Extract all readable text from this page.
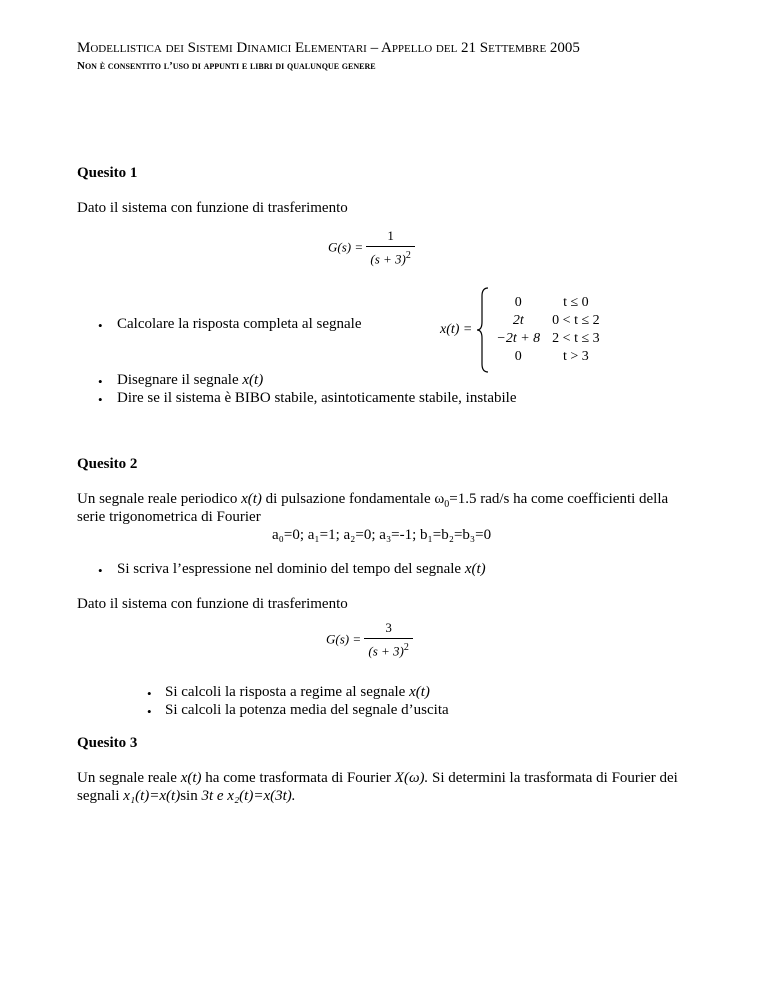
Modellistica dei Sistemi Dinamici Elementari – Appello del 21 Settembre 2005
Non è consentito l’uso di appunti e libri di qualunque genere
Quesito 1
Dato il sistema con funzione di trasferimento
$G(s) = \frac{1}{(s + 3)^2}$
• Calcolare la risposta completa al segnale	x(t) =
0	t ≤ 0
2t	0 < t ≤ 2
−2t + 8	2 < t ≤ 3
0	t > 3
• Disegnare il segnale x(t)
• Dire se il sistema è BIBO stabile, asintoticamente stabile, instabile
Quesito 2
Un segnale reale periodico x(t) di pulsazione fondamentale $\omega_0=1.5$ rad/s ha come coefficienti della
serie trigonometrica di Fourier
a₀=0; a₁=1; a₂=0; a₃=-1; b₁=b₂=b₃=0
• Si scriva l’espressione nel dominio del tempo del segnale x(t)
Dato il sistema con funzione di trasferimento
$G(s) = \frac{3}{(s + 3)^2}$
• Si calcoli la risposta a regime al segnale x(t)
• Si calcoli la potenza media del segnale d’uscita
Quesito 3
Un segnale reale x(t) ha come trasformata di Fourier X(ω). Si determini la trasformata di Fourier dei
segnali x₁(t)=x(t)sin 3t e x₂(t)=x(3t).
